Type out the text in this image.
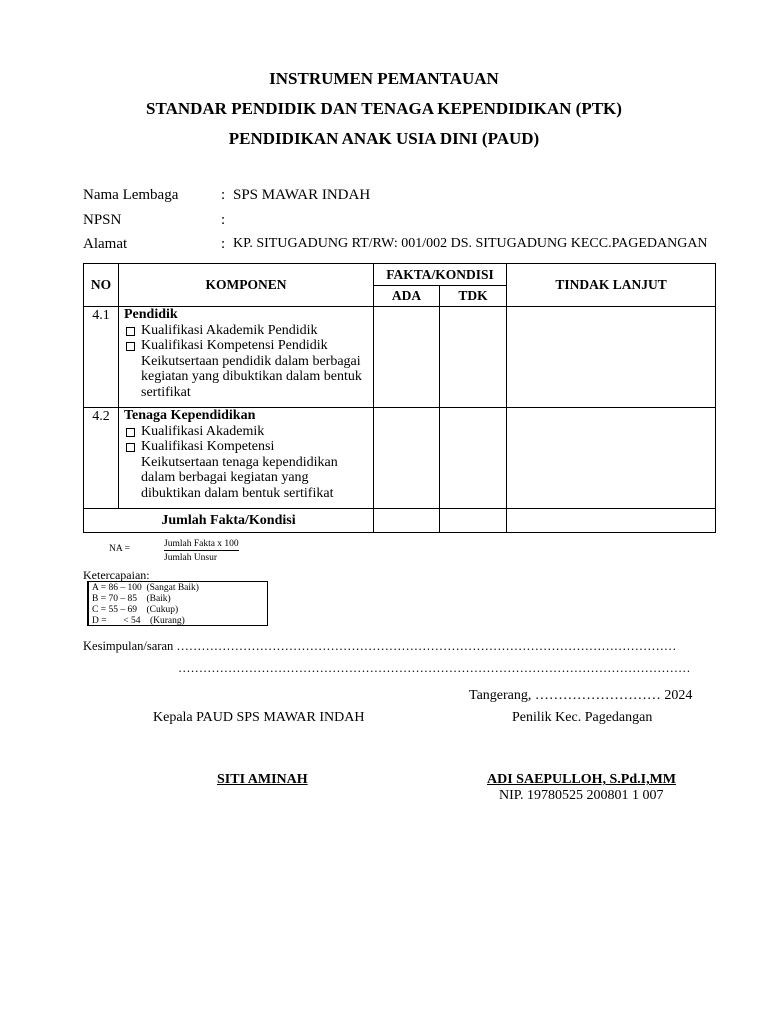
INSTRUMEN PEMANTAUAN
STANDAR PENDIDIK DAN TENAGA KEPENDIDIKAN (PTK)
PENDIDIKAN ANAK USIA DINI (PAUD)
Nama Lembaga	: SPS MAWAR INDAH
NPSN	:
Alamat	: KP. SITUGADUNG RT/RW: 001/002 DS. SITUGADUNG KECC.PAGEDANGAN
NO	KOMPONEN	FAKTA/KONDISI		TINDAK LANJUT
		ADA	TDK	
4.1	Pendidik
Kualifikasi Akademik Pendidik
Kualifikasi Kompetensi Pendidik
Keikutsertaan pendidik dalam berbagai kegiatan yang dibuktikan dalam bentuk sertifikat			

4.2	Tenaga Kependidikan
Kualifikasi Akademik
Kualifikasi Kompetensi
Keikutsertaan tenaga kependidikan dalam berbagai kegiatan yang dibuktikan dalam bentuk sertifikat			

Jumlah Fakta/Kondisi				
NA =	Jumlah Fakta x 100
Jumlah Unsur
Ketercapaian:
A = 86 – 100  (Sangat Baik)
B = 70 – 85    (Baik)
C = 55 – 69    (Cukup)
D =       < 54    (Kurang)
Kesimpulan/saran …………………………………………………………………………………………………………
……………………………………………………………………………………………………………
Tangerang, ……………………… 2024
Kepala PAUD SPS MAWAR INDAH	Penilik Kec. Pagedangan
SITI AMINAH	ADI SAEPULLOH, S.Pd.I,MM
NIP. 19780525 200801 1 007
